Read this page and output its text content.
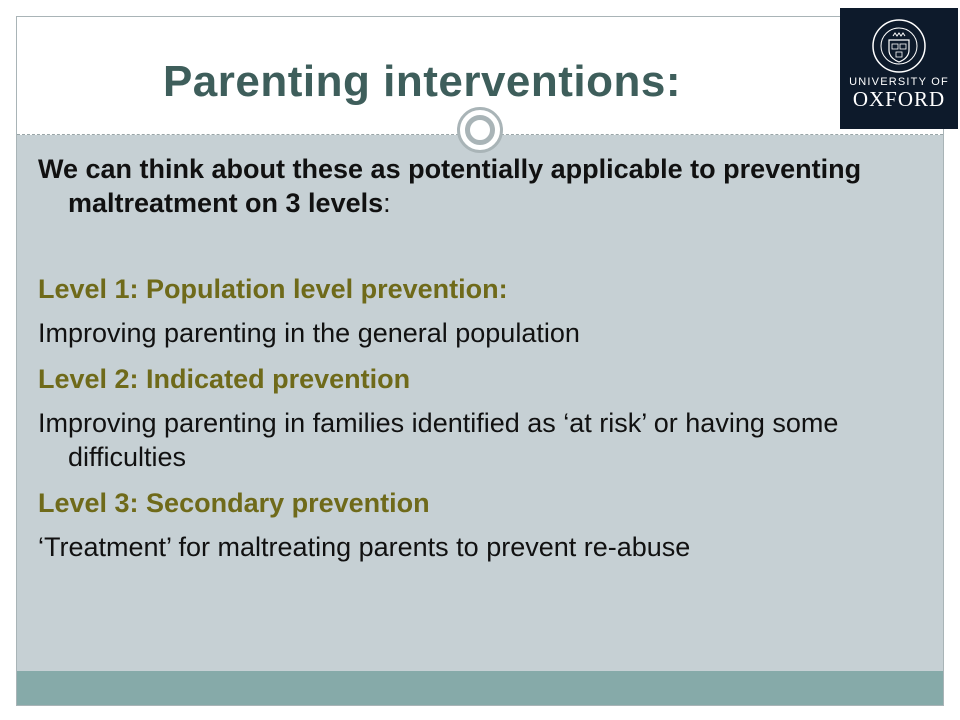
Parenting interventions:	UNIVERSITY OF
OXFORD

We can think about these as potentially applicable to preventing maltreatment on 3 levels:

Level 1: Population level prevention:

Improving parenting in the general population

Level 2: Indicated prevention

Improving parenting in families identified as ‘at risk’ or having some difficulties

Level 3: Secondary prevention

‘Treatment’ for maltreating parents to prevent re-abuse
